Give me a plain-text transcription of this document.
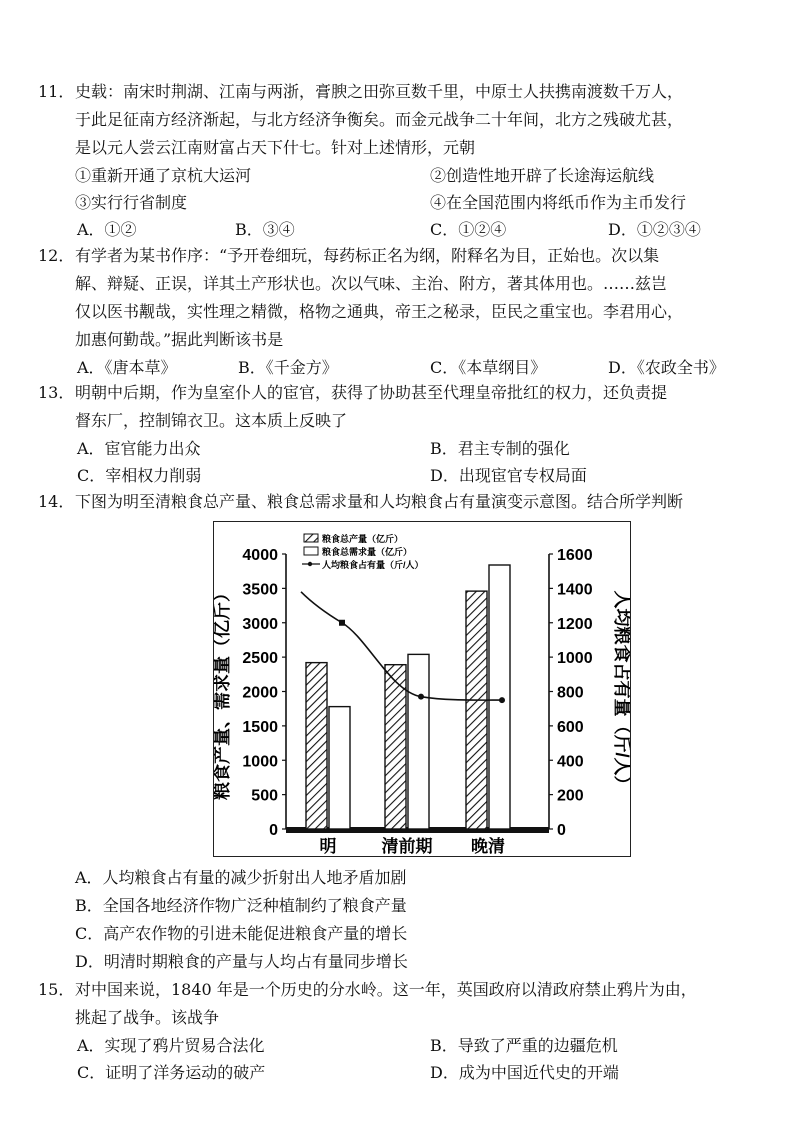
11．史载：南宋时荆湖、江南与两浙，膏腴之田弥亘数千里，中原士人扶携南渡数千万人，
于此足征南方经济渐起，与北方经济争衡矣。而金元战争二十年间，北方之残破尤甚，
是以元人尝云江南财富占天下什七。针对上述情形，元朝
①重新开通了京杭大运河	②创造性地开辟了长途海运航线
③实行行省制度	④在全国范围内将纸币作为主币发行
A．①②	B．③④	C．①②④	D．①②③④
12．有学者为某书作序：“予开卷细玩，每药标正名为纲，附释名为目，正始也。次以集
解、辩疑、正误，详其土产形状也。次以气味、主治、附方，著其体用也。……兹岂
仅以医书觏哉，实性理之精微，格物之通典，帝王之秘录，臣民之重宝也。李君用心，
加惠何勤哉。”据此判断该书是
A．《唐本草》	B．《千金方》	C．《本草纲目》	D．《农政全书》
13．明朝中后期，作为皇室仆人的宦官，获得了协助甚至代理皇帝批红的权力，还负责提
督东厂，控制锦衣卫。这本质上反映了
A．宦官能力出众	B．君主专制的强化
C．宰相权力削弱	D．出现宦官专权局面
14．下图为明至清粮食总产量、粮食总需求量和人均粮食占有量演变示意图。结合所学判断
粮食产量、需求量（亿斤）	人均粮食占有量（斤/人）
4000
3500
3000
2500
2000
1500
1000
500
0
1600
1400
1200
1000
800
600
400
200
0
明	清前期 晚清
粮食总产量（亿斤）
粮食总需求量（亿斤）
人均粮食占有量（斤/人）
A．人均粮食占有量的减少折射出人地矛盾加剧
B．全国各地经济作物广泛种植制约了粮食产量
C．高产农作物的引进未能促进粮食产量的增长
D．明清时期粮食的产量与人均占有量同步增长
15．对中国来说，1840 年是一个历史的分水岭。这一年，英国政府以清政府禁止鸦片为由，
挑起了战争。该战争
A．实现了鸦片贸易合法化	B．导致了严重的边疆危机
C．证明了洋务运动的破产	D．成为中国近代史的开端
